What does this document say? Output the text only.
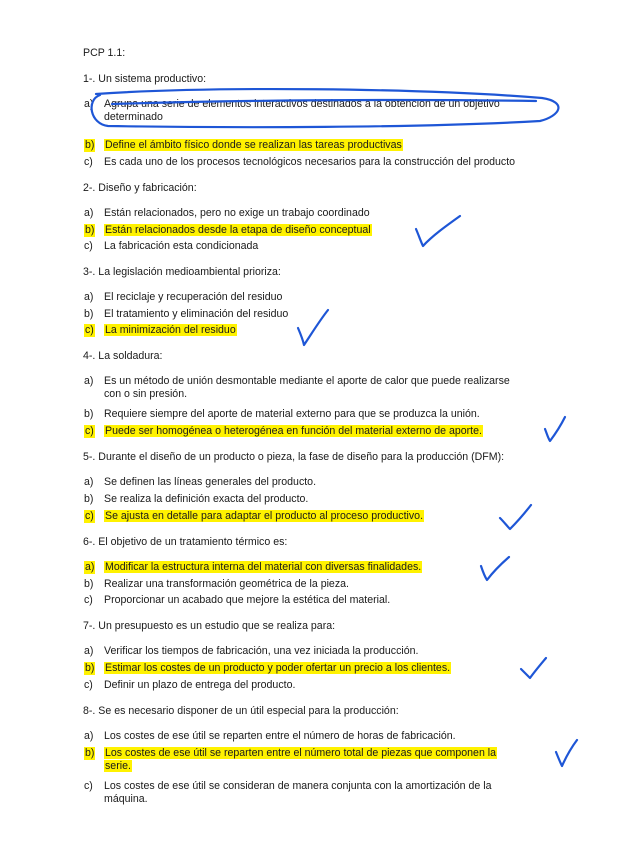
PCP 1.1:
1-. Un sistema productivo:
a) Agrupa una serie de elementos interactivos destinados a la obtención de un objetivo
determinado
b) Define el ámbito físico donde se realizan las tareas productivas
c) Es cada uno de los procesos tecnológicos necesarios para la construcción del producto
2-. Diseño y fabricación:
a) Están relacionados, pero no exige un trabajo coordinado
b) Están relacionados desde la etapa de diseño conceptual
c) La fabricación esta condicionada
3-. La legislación medioambiental prioriza:
a) El reciclaje y recuperación del residuo
b) El tratamiento y eliminación del residuo
c) La minimización del residuo
4-. La soldadura:
a) Es un método de unión desmontable mediante el aporte de calor que puede realizarse
con o sin presión.
b) Requiere siempre del aporte de material externo para que se produzca la unión.
c) Puede ser homogénea o heterogénea en función del material externo de aporte.
5-. Durante el diseño de un producto o pieza, la fase de diseño para la producción (DFM):
a) Se definen las líneas generales del producto.
b) Se realiza la definición exacta del producto.
c) Se ajusta en detalle para adaptar el producto al proceso productivo.
6-. El objetivo de un tratamiento térmico es:
a) Modificar la estructura interna del material con diversas finalidades.
b) Realizar una transformación geométrica de la pieza.
c) Proporcionar un acabado que mejore la estética del material.
7-. Un presupuesto es un estudio que se realiza para:
a) Verificar los tiempos de fabricación, una vez iniciada la producción.
b) Estimar los costes de un producto y poder ofertar un precio a los clientes.
c) Definir un plazo de entrega del producto.
8-. Se es necesario disponer de un útil especial para la producción:
a) Los costes de ese útil se reparten entre el número de horas de fabricación.
b) Los costes de ese útil se reparten entre el número total de piezas que componen la
serie.
c) Los costes de ese útil se consideran de manera conjunta con la amortización de la
máquina.
